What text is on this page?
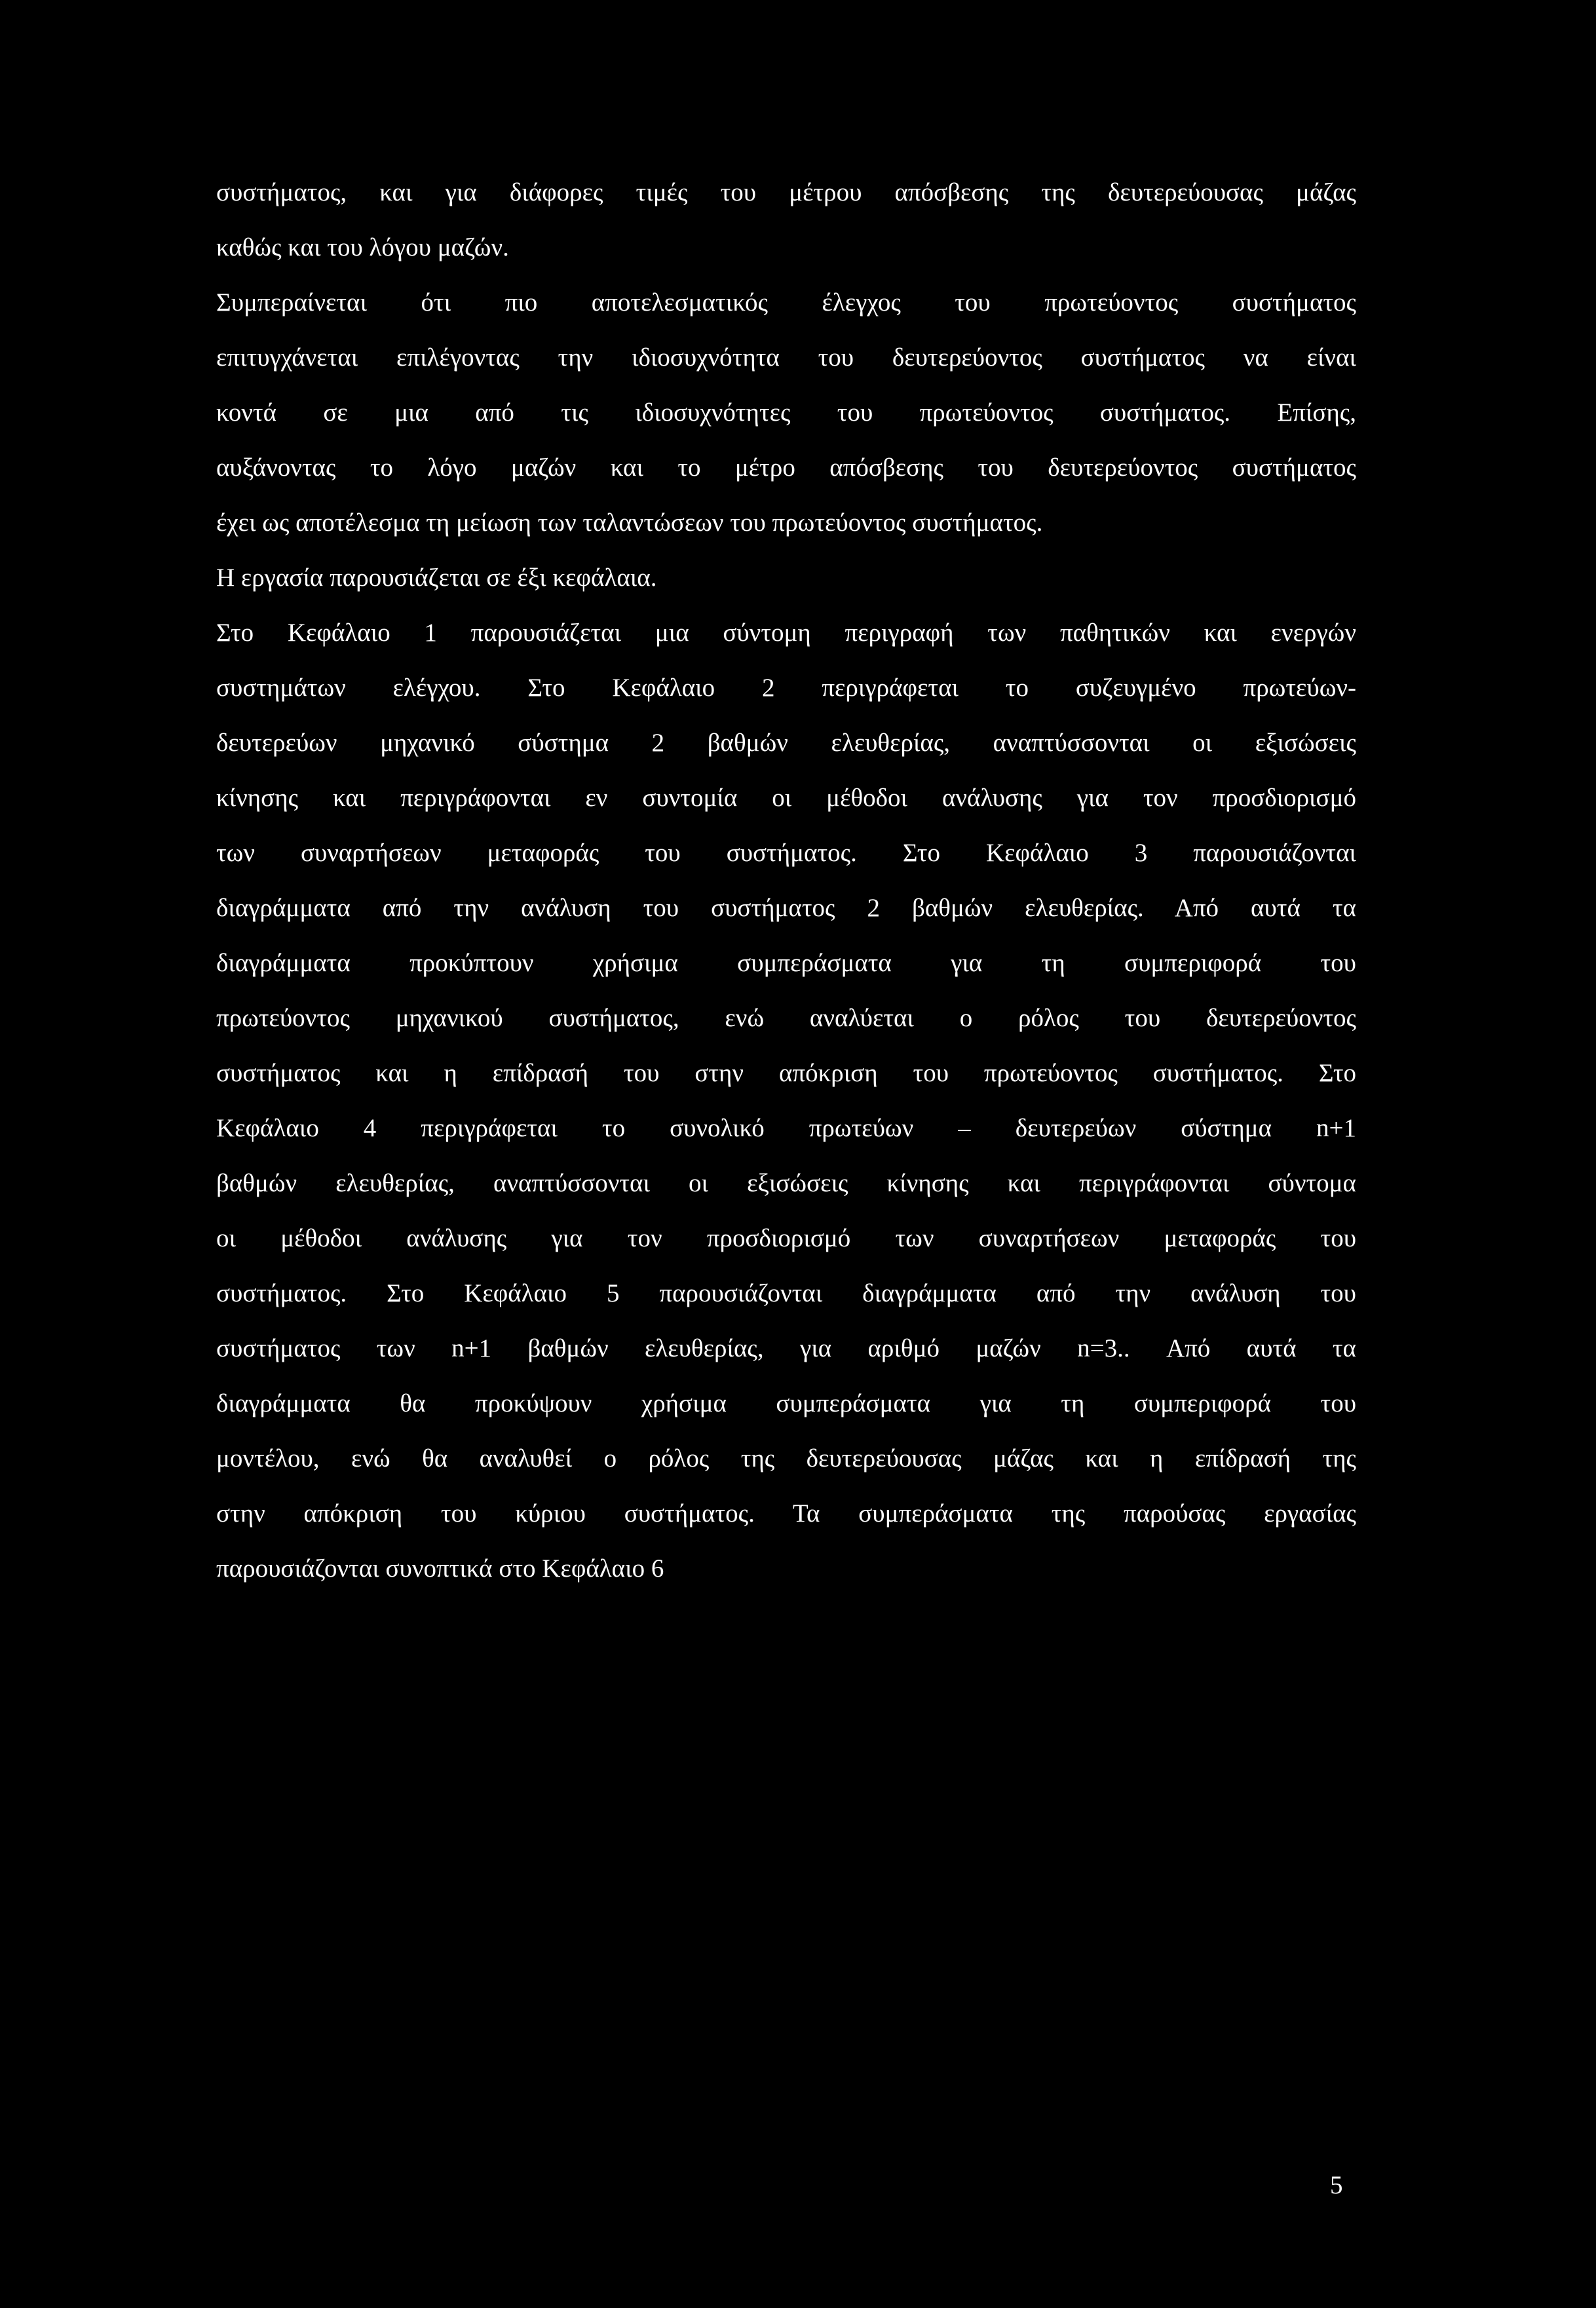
συστήματος, και για διάφορες τιμές του μέτρου απόσβεσης της δευτερεύουσας μάζας
καθώς και του λόγου μαζών.
Συμπεραίνεται ότι πιο αποτελεσματικός έλεγχος του πρωτεύοντος συστήματος
επιτυγχάνεται επιλέγοντας την ιδιοσυχνότητα του δευτερεύοντος συστήματος να είναι
κοντά σε μια από τις ιδιοσυχνότητες του πρωτεύοντος συστήματος. Επίσης,
αυξάνοντας το λόγο μαζών και το μέτρο απόσβεσης του δευτερεύοντος συστήματος
έχει ως αποτέλεσμα τη μείωση των ταλαντώσεων του πρωτεύοντος συστήματος.
Η εργασία παρουσιάζεται σε έξι κεφάλαια.
Στο Κεφάλαιο 1 παρουσιάζεται μια σύντομη περιγραφή των παθητικών και ενεργών
συστημάτων ελέγχου. Στο Κεφάλαιο 2 περιγράφεται το συζευγμένο πρωτεύων-
δευτερεύων μηχανικό σύστημα 2 βαθμών ελευθερίας, αναπτύσσονται οι εξισώσεις
κίνησης και περιγράφονται εν συντομία οι μέθοδοι ανάλυσης για τον προσδιορισμό
των συναρτήσεων μεταφοράς του συστήματος. Στο Κεφάλαιο 3 παρουσιάζονται
διαγράμματα από την ανάλυση του συστήματος 2 βαθμών ελευθερίας. Από αυτά τα
διαγράμματα προκύπτουν χρήσιμα συμπεράσματα για τη συμπεριφορά του
πρωτεύοντος μηχανικού συστήματος, ενώ αναλύεται ο ρόλος του δευτερεύοντος
συστήματος και η επίδρασή του στην απόκριση του πρωτεύοντος συστήματος. Στο
Κεφάλαιο 4 περιγράφεται το συνολικό πρωτεύων – δευτερεύων σύστημα n+1
βαθμών ελευθερίας, αναπτύσσονται οι εξισώσεις κίνησης και περιγράφονται σύντομα
οι μέθοδοι ανάλυσης για τον προσδιορισμό των συναρτήσεων μεταφοράς του
συστήματος. Στο Κεφάλαιο 5 παρουσιάζονται διαγράμματα από την ανάλυση του
συστήματος των n+1 βαθμών ελευθερίας, για αριθμό μαζών n=3.. Από αυτά τα
διαγράμματα θα προκύψουν χρήσιμα συμπεράσματα για τη συμπεριφορά του
μοντέλου, ενώ θα αναλυθεί ο ρόλος της δευτερεύουσας μάζας και η επίδρασή της
στην απόκριση του κύριου συστήματος. Τα συμπεράσματα της παρούσας εργασίας
παρουσιάζονται συνοπτικά στο Κεφάλαιο 6
5
